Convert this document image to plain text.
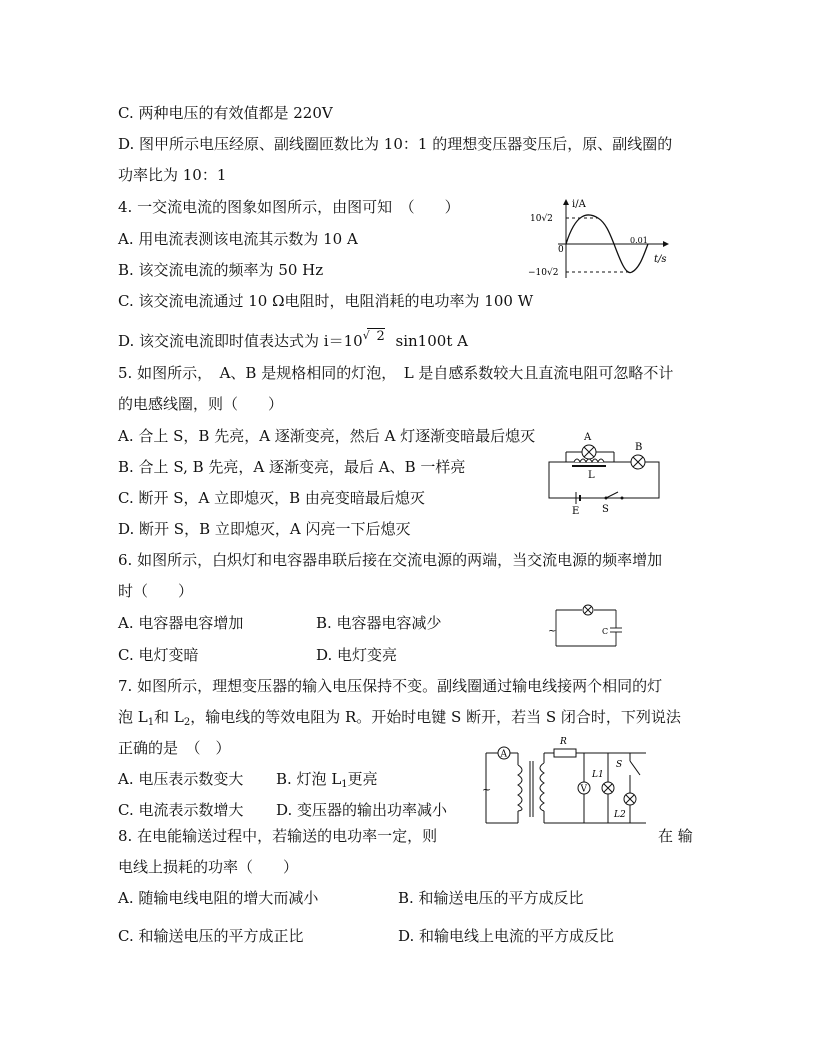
C. 两种电压的有效值都是 220V
D. 图甲所示电压经原、副线圈匝数比为 10：1 的理想变压器变压后，原、副线圈的
功率比为 10：1
4. 一交流电流的图象如图所示，由图可知　（　　）
A. 用电流表测该电流其示数为 10 A
B. 该交流电流的频率为 50 Hz
C. 该交流电流通过 10 Ω电阻时，电阻消耗的电功率为 100 W
D. 该交流电流即时值表达式为 i＝10 √ 2 sin100t A
5. 如图所示，　A、B 是规格相同的灯泡，　L 是自感系数较大且直流电阻可忽略不计
的电感线圈，则（　　）
A. 合上 S，B 先亮，A 逐渐变亮，然后 A 灯逐渐变暗最后熄灭
B. 合上 S, B 先亮，A 逐渐变亮，最后 A、B 一样亮
C. 断开 S，A 立即熄灭，B 由亮变暗最后熄灭
D. 断开 S，B 立即熄灭，A 闪亮一下后熄灭
6. 如图所示，白炽灯和电容器串联后接在交流电源的两端，当交流电源的频率增加
时（　　）
A. 电容器电容增加	B. 电容器电容减少
C. 电灯变暗	D. 电灯变亮
7. 如图所示，理想变压器的输入电压保持不变。副线圈通过输电线接两个相同的灯
泡 $L_1$和 $L_2$，输电线的等效电阻为 R。开始时电键 S 断开，若当 S 闭合时，下列说法
正确的是　（　）
A. 电压表示数变大 B. 灯泡 $L_1$更亮
C. 电流表示数增大 D. 变压器的输出功率减小
8. 在电能输送过程中，若输送的电功率一定，则	在 输
电线上损耗的功率（　　）
A. 随输电线电阻的增大而减小	B. 和输送电压的平方成反比
C. 和输送电压的平方成正比	D. 和输电线上电流的平方成反比
i/A
t/s
10√2
−10√2
0
0.01
A
B
L
E S
~	C
A
R
V
L1
S
L2
~
